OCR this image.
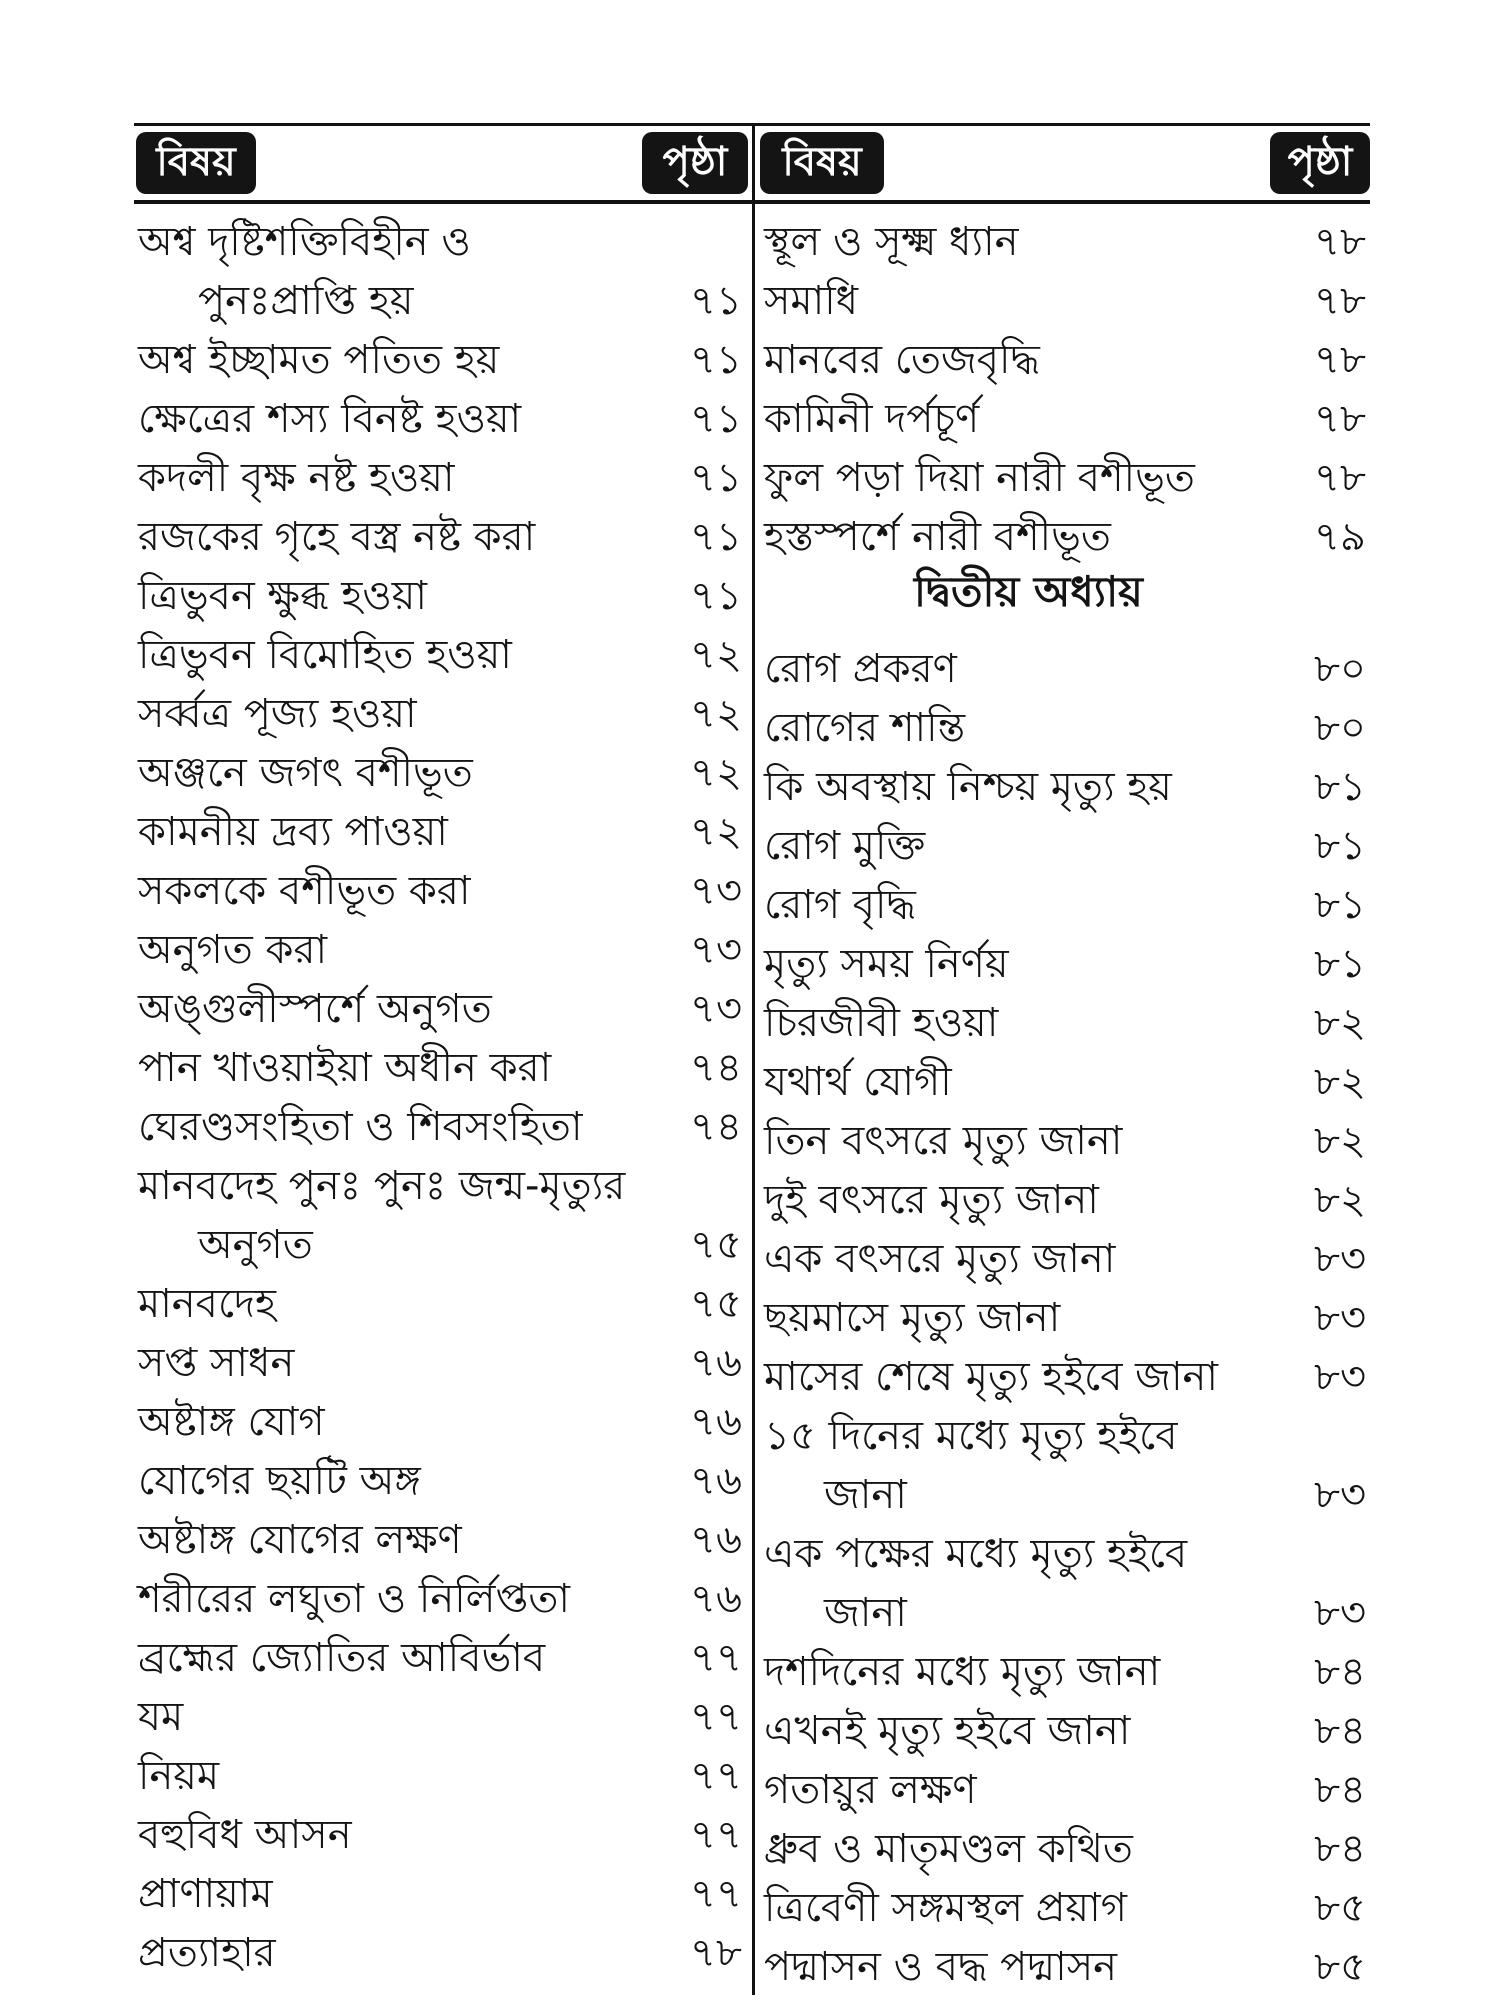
বিষয়	পৃষ্ঠা	বিষয়	পৃষ্ঠা
অশ্ব দৃষ্টিশক্তিবিহীন ও
পুনঃপ্রাপ্তি হয়	৭১
অশ্ব ইচ্ছামত পতিত হয়	৭১
ক্ষেত্রের শস্য বিনষ্ট হওয়া	৭১
কদলী বৃক্ষ নষ্ট হওয়া	৭১
রজকের গৃহে বস্ত্র নষ্ট করা	৭১
ত্রিভুবন ক্ষুব্ধ হওয়া	৭১
ত্রিভুবন বিমোহিত হওয়া	৭২
সর্ব্বত্র পূজ্য হওয়া	৭২
অঞ্জনে জগৎ বশীভূত	৭২
কামনীয় দ্রব্য পাওয়া	৭২
সকলকে বশীভূত করা	৭৩
অনুগত করা	৭৩
অঙ্গুলীস্পর্শে অনুগত	৭৩
পান খাওয়াইয়া অধীন করা	৭৪
ঘেরণ্ডসংহিতা ও শিবসংহিতা	৭৪
মানবদেহ পুনঃ পুনঃ জন্ম-মৃত্যুর
অনুগত	৭৫
মানবদেহ	৭৫
সপ্ত সাধন	৭৬
অষ্টাঙ্গ যোগ	৭৬
যোগের ছয়টি অঙ্গ	৭৬
অষ্টাঙ্গ যোগের লক্ষণ	৭৬
শরীরের লঘুতা ও নির্লিপ্ততা	৭৬
ব্রহ্মের জ্যোতির আবির্ভাব	৭৭
যম	৭৭
নিয়ম	৭৭
বহুবিধ আসন	৭৭
প্রাণায়াম	৭৭
প্রত্যাহার	৭৮
স্থূল ও সূক্ষ্ম ধ্যান	৭৮
সমাধি	৭৮
মানবের তেজবৃদ্ধি	৭৮
কামিনী দর্পচূর্ণ	৭৮
ফুল পড়া দিয়া নারী বশীভূত	৭৮
হস্তস্পর্শে নারী বশীভূত	৭৯
দ্বিতীয় অধ্যায়
রোগ প্রকরণ	৮০
রোগের শান্তি	৮০
কি অবস্থায় নিশ্চয় মৃত্যু হয়	৮১
রোগ মুক্তি	৮১
রোগ বৃদ্ধি	৮১
মৃত্যু সময় নির্ণয়	৮১
চিরজীবী হওয়া	৮২
যথার্থ যোগী	৮২
তিন বৎসরে মৃত্যু জানা	৮২
দুই বৎসরে মৃত্যু জানা	৮২
এক বৎসরে মৃত্যু জানা	৮৩
ছয়মাসে মৃত্যু জানা	৮৩
মাসের শেষে মৃত্যু হইবে জানা	৮৩
১৫ দিনের মধ্যে মৃত্যু হইবে
জানা	৮৩
এক পক্ষের মধ্যে মৃত্যু হইবে
জানা	৮৩
দশদিনের মধ্যে মৃত্যু জানা	৮৪
এখনই মৃত্যু হইবে জানা	৮৪
গতায়ুর লক্ষণ	৮৪
ধ্রুব ও মাতৃমণ্ডল কথিত	৮৪
ত্রিবেণী সঙ্গমস্থল প্রয়াগ	৮৫
পদ্মাসন ও বদ্ধ পদ্মাসন	৮৫
